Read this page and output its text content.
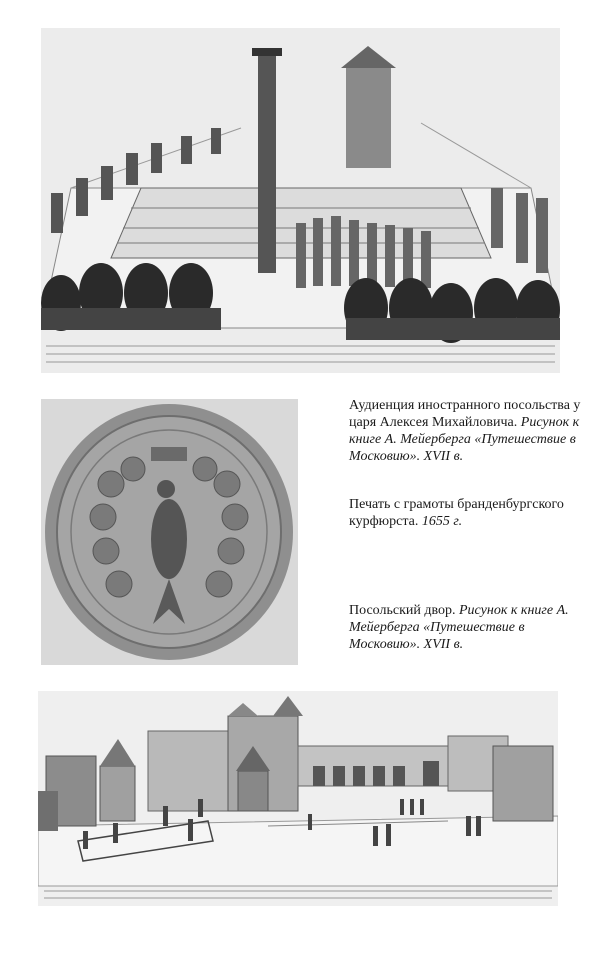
Аудиенция иностранного посольства у царя Алексея Михайловича. Рисунок к книге А. Мейерберга «Путешествие в Московию». XVII в.
Печать с грамоты бранденбургского курфюрста. 1655 г.
Посольский двор. Рисунок к книге А. Мейерберга «Путешествие в Московию». XVII в.
